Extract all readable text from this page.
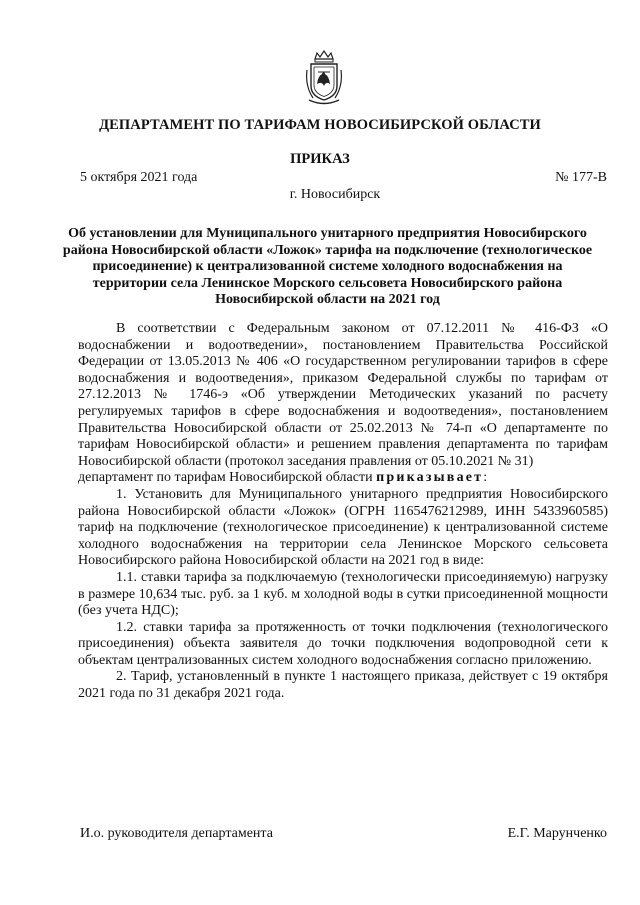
ДЕПАРТАМЕНТ ПО ТАРИФАМ НОВОСИБИРСКОЙ ОБЛАСТИ
ПРИКАЗ
5 октября 2021 года	№ 177-В
г. Новосибирск
Об установлении для Муниципального унитарного предприятия Новосибирского района Новосибирской области «Ложок» тарифа на подключение (технологическое присоединение) к централизованной системе холодного водоснабжения на территории села Ленинское Морского сельсовета Новосибирского района Новосибирской области на 2021 год

В соответствии с Федеральным законом от 07.12.2011 № 416-ФЗ «О водоснабжении и водоотведении», постановлением Правительства Российской Федерации от 13.05.2013 № 406 «О государственном регулировании тарифов в сфере водоснабжения и водоотведения», приказом Федеральной службы по тарифам от 27.12.2013 № 1746-э «Об утверждении Методических указаний по расчету регулируемых тарифов в сфере водоснабжения и водоотведения», постановлением Правительства Новосибирской области от 25.02.2013 № 74-п «О департаменте по тарифам Новосибирской области» и решением правления департамента по тарифам Новосибирской области (протокол заседания правления от 05.10.2021 № 31)

департамент по тарифам Новосибирской области приказывает:

1. Установить для Муниципального унитарного предприятия Новосибирского района Новосибирской области «Ложок» (ОГРН 1165476212989, ИНН 5433960585) тариф на подключение (технологическое присоединение) к централизованной системе холодного водоснабжения на территории села Ленинское Морского сельсовета Новосибирского района Новосибирской области на 2021 год в виде:

1.1. ставки тарифа за подключаемую (технологически присоединяемую) нагрузку в размере 10,634 тыс. руб. за 1 куб. м холодной воды в сутки присоединенной мощности (без учета НДС);

1.2. ставки тарифа за протяженность от точки подключения (технологического присоединения) объекта заявителя до точки подключения водопроводной сети к объектам централизованных систем холодного водоснабжения согласно приложению.

2. Тариф, установленный в пункте 1 настоящего приказа, действует с 19 октября 2021 года по 31 декабря 2021 года.

И.о. руководителя департамента	Е.Г. Марунченко
